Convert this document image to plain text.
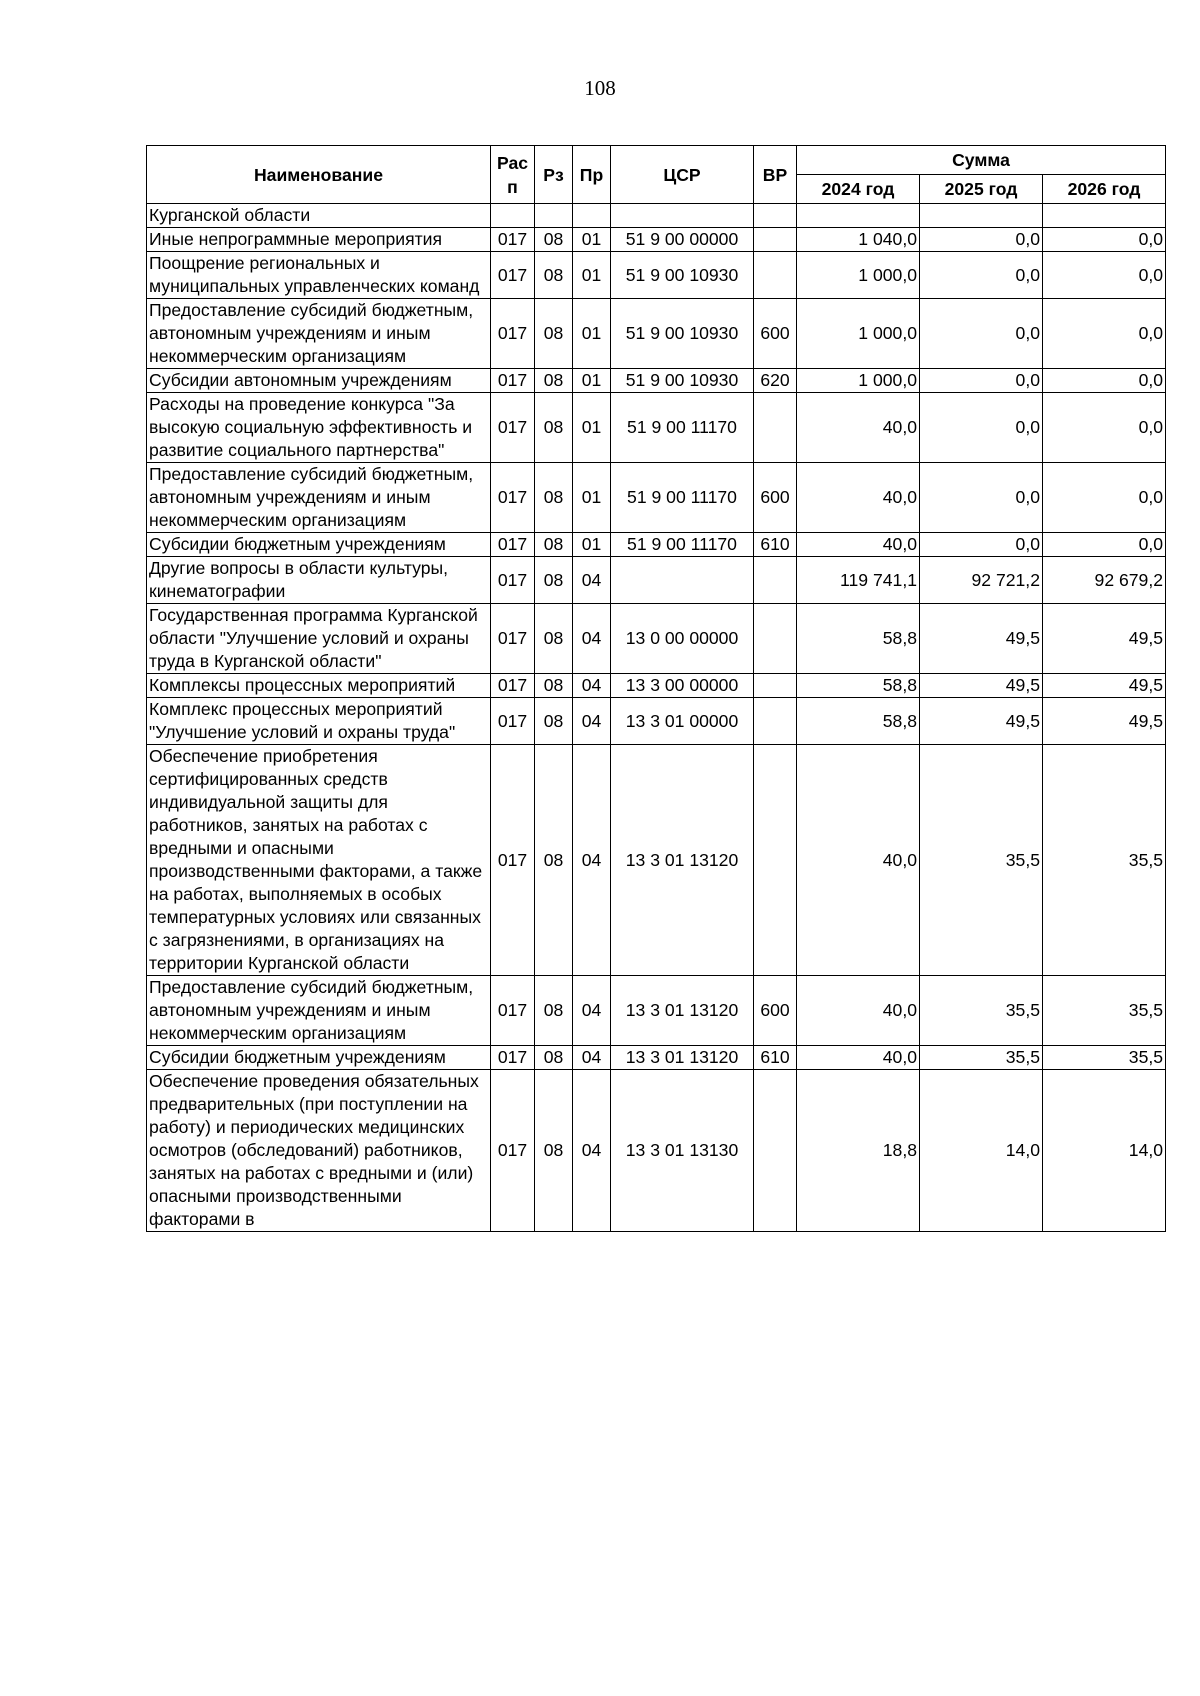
108
Наименование	Расп	Рз	Пр	ЦСР	ВР	Сумма		
						2024 год	2025 год	2026 год
Курганской области								
Иные непрограммные мероприятия	017	08	01	51 9 00 00000		1 040,0	0,0	0,0
Поощрение региональных и муниципальных управленческих команд	017	08	01	51 9 00 10930		1 000,0	0,0	0,0
Предоставление субсидий бюджетным, автономным учреждениям и иным некоммерческим организациям	017	08	01	51 9 00 10930	600	1 000,0	0,0	0,0
Субсидии автономным учреждениям	017	08	01	51 9 00 10930	620	1 000,0	0,0	0,0
Расходы на проведение конкурса "За высокую социальную эффективность и развитие социального партнерства"	017	08	01	51 9 00 11170		40,0	0,0	0,0
Предоставление субсидий бюджетным, автономным учреждениям и иным некоммерческим организациям	017	08	01	51 9 00 11170	600	40,0	0,0	0,0
Субсидии бюджетным учреждениям	017	08	01	51 9 00 11170	610	40,0	0,0	0,0
Другие вопросы в области культуры, кинематографии	017	08	04			119 741,1	92 721,2	92 679,2
Государственная программа Курганской области "Улучшение условий и охраны труда в Курганской области"	017	08	04	13 0 00 00000		58,8	49,5	49,5
Комплексы процессных мероприятий	017	08	04	13 3 00 00000		58,8	49,5	49,5
Комплекс процессных мероприятий "Улучшение условий и охраны труда"	017	08	04	13 3 01 00000		58,8	49,5	49,5
Обеспечение приобретения сертифицированных средств индивидуальной защиты для работников, занятых на работах с вредными и опасными производственными факторами, а также на работах, выполняемых в особых температурных условиях или связанных с загрязнениями, в организациях на территории Курганской области	017	08	04	13 3 01 13120		40,0	35,5	35,5
Предоставление субсидий бюджетным, автономным учреждениям и иным некоммерческим организациям	017	08	04	13 3 01 13120	600	40,0	35,5	35,5
Субсидии бюджетным учреждениям	017	08	04	13 3 01 13120	610	40,0	35,5	35,5
Обеспечение проведения обязательных предварительных (при поступлении на работу) и периодических медицинских осмотров (обследований) работников, занятых на работах с вредными и (или) опасными производственными факторами в	017	08	04	13 3 01 13130		18,8	14,0	14,0
